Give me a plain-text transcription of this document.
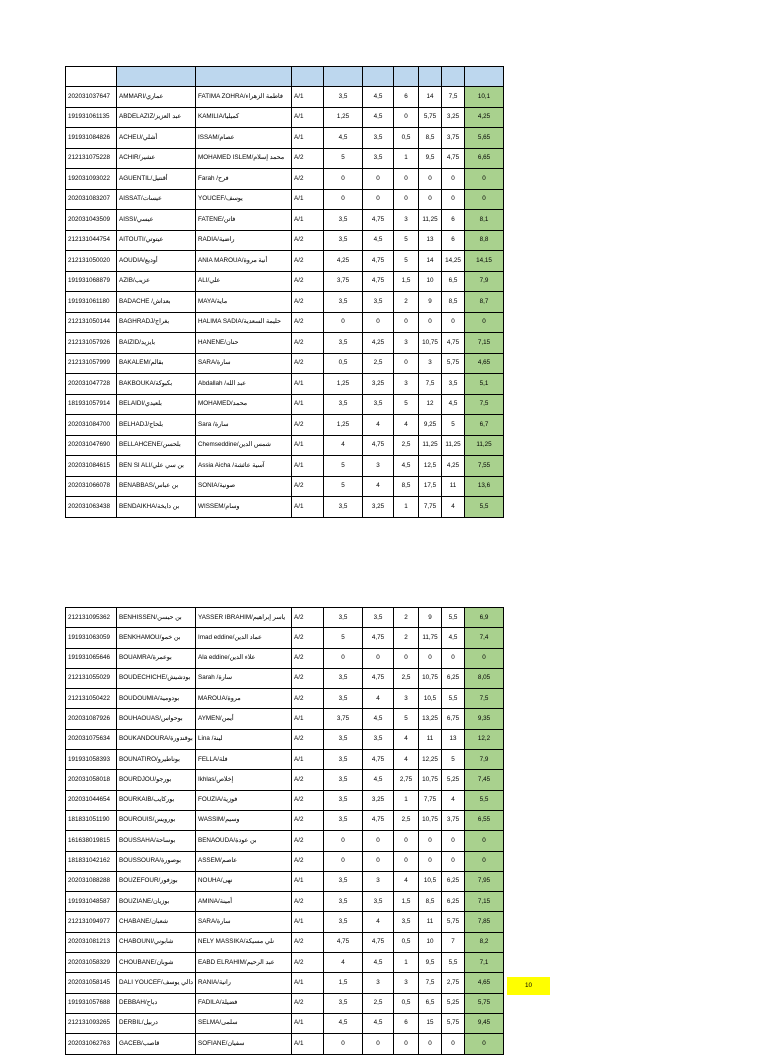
202031037647	AMMARI/عماري	FATIMA ZOHRA/فاطمة الزهراء	A/1	3,5	4,5	6	14	7,5	10,1
191931061135	ABDELAZIZ/عبد العزيز	KAMILIA/كميليا	A/1	1,25	4,5	0	5,75	3,25	4,25
191931084826	ACHEU/أشلي	ISSAM/عصام	A/1	4,5	3,5	0,5	8,5	3,75	5,65
212131075228	ACHIR/عشير	MOHAMED ISLEM/محمد إسلام	A/2	5	3,5	1	9,5	4,75	6,65
192031093022	AGUENTIL/أقنتيل	Farah /فرح	A/2	0	0	0	0	0	0
202031083207	AISSAT/عيسات	YOUCEF/يوسف	A/1	0	0	0	0	0	0
202031043509	AISSI/عيسي	FATENE/فاتن	A/1	3,5	4,75	3	11,25	6	8,1
212131044754	AITOUTI/عيتوتي	RADIA/راضية	A/2	3,5	4,5	5	13	6	8,8
212131050020	AOUDIA/أوديع	ANIA MAROUA/أنية مروة	A/2	4,25	4,75	5	14	14,25	14,15
191931068879	AZIB/عزيب	ALI/علي	A/2	3,75	4,75	1,5	10	6,5	7,9
191931061180	BADACHE /بعداش	MAYA/ماية	A/2	3,5	3,5	2	9	8,5	8,7
212131050144	BAGHRADJ/بغراج	HALIMA SADIA/حليمة السعدية	A/2	0	0	0	0	0	0
212131057926	BAIZID/بايزيد	HANENE/حنان	A/2	3,5	4,25	3	10,75	4,75	7,15
212131057999	BAKALEM/بقالم	SARA/سارة	A/2	0,5	2,5	0	3	5,75	4,65
202031047728	BAKBOUKA/بكبوكة	Abdallah /عبد الله	A/1	1,25	3,25	3	7,5	3,5	5,1
181931057914	BELAIDI/بلعيدي	MOHAMED/محمد	A/1	3,5	3,5	5	12	4,5	7,5
202031084700	BELHADJ/بلحاج	Sara /سارة	A/2	1,25	4	4	9,25	5	6,7
202031047690	BELLAHCENE/بلحسن	Chemseddine/شمس الدين	A/1	4	4,75	2,5	11,25	11,25	11,25
202031084615	BEN SI ALI/بن سي علي	Assia Aicha /آسية عائشة	A/1	5	3	4,5	12,5	4,25	7,55
202031066078	BENABBAS/بن عباس	SONIA/صونية	A/2	5	4	8,5	17,5	11	13,6
202031063438	BENDAIKHA/بن دايخة	WISSEM/وسام	A/1	3,5	3,25	1	7,75	4	5,5
212131095362	BENHISSEN/بن حيسن	YASSER IBRAHIM/ياسر إبراهيم	A/2	3,5	3,5	2	9	5,5	6,9
191931063059	BENKHAMOU/بن خمو	Imad eddine/عماد الدين	A/2	5	4,75	2	11,75	4,5	7,4
191931065646	BOUAMRA/بوعمرة	Ala eddine/علاء الدين	A/2	0	0	0	0	0	0
212131055029	BOUDECHICHE/بودشيش	Sarah /سارة	A/2	3,5	4,75	2,5	10,75	6,25	8,05
212131050422	BOUDOUMIA/بودومية	MAROUA/مروة	A/2	3,5	4	3	10,5	5,5	7,5
202031087926	BOUHAOUAS/بوحواس	AYMEN/أيمن	A/1	3,75	4,5	5	13,25	6,75	9,35
202031075634	BOUKANDOURA/بوقندورة	Lina /لينة	A/2	3,5	3,5	4	11	13	12,2
191931058393	BOUNATIRO/بوناطيرو	FELLA/فلة	A/1	3,5	4,75	4	12,25	5	7,9
202031058018	BOURDJOU/بورجو	Ikhlas/إخلاص	A/2	3,5	4,5	2,75	10,75	5,25	7,45
202031044654	BOURKAIB/بوركايب	FOUZIA/فوزية	A/2	3,5	3,25	1	7,75	4	5,5
181831051190	BOUROUIS/بورويس	WASSIM/وسيم	A/2	3,5	4,75	2,5	10,75	3,75	6,55
161638019815	BOUSSAHA/بوساحة	BENAOUDA/بن عودة	A/2	0	0	0	0	0	0
181831042162	BOUSSOURA/بوصورة	ASSEM/عاصم	A/2	0	0	0	0	0	0
202031088288	BOUZEFOUR/بوزفور	NOUHA/نهى	A/1	3,5	3	4	10,5	6,25	7,95
191931048587	BOUZIANE/بوزيان	AMINA/أمينة	A/2	3,5	3,5	1,5	8,5	6,25	7,15
212131094977	CHABANE/شعبان	SARA/سارة	A/1	3,5	4	3,5	11	5,75	7,85
202031081213	CHABOUNI/شابوني	NELY MASSIKA/نلي مسيكة	A/2	4,75	4,75	0,5	10	7	8,2
202031058329	CHOUBANE/شوبان	EABD ELRAHIM/عبد الرحيم	A/2	4	4,5	1	9,5	5,5	7,1
202031058145	DALI YOUCEF/دالي يوسف	RANIA/رانية	A/1	1,5	3	3	7,5	2,75	4,65
191931057688	DEBBAH/دباح	FADILA/فضيلة	A/2	3,5	2,5	0,5	6,5	5,25	5,75
212131093265	DERBIL/دربيل	SELMA/سلمى	A/1	4,5	4,5	6	15	5,75	9,45
202031062763	GACEB/قاصب	SOFIANE/سفيان	A/1	0	0	0	0	0	0
10
